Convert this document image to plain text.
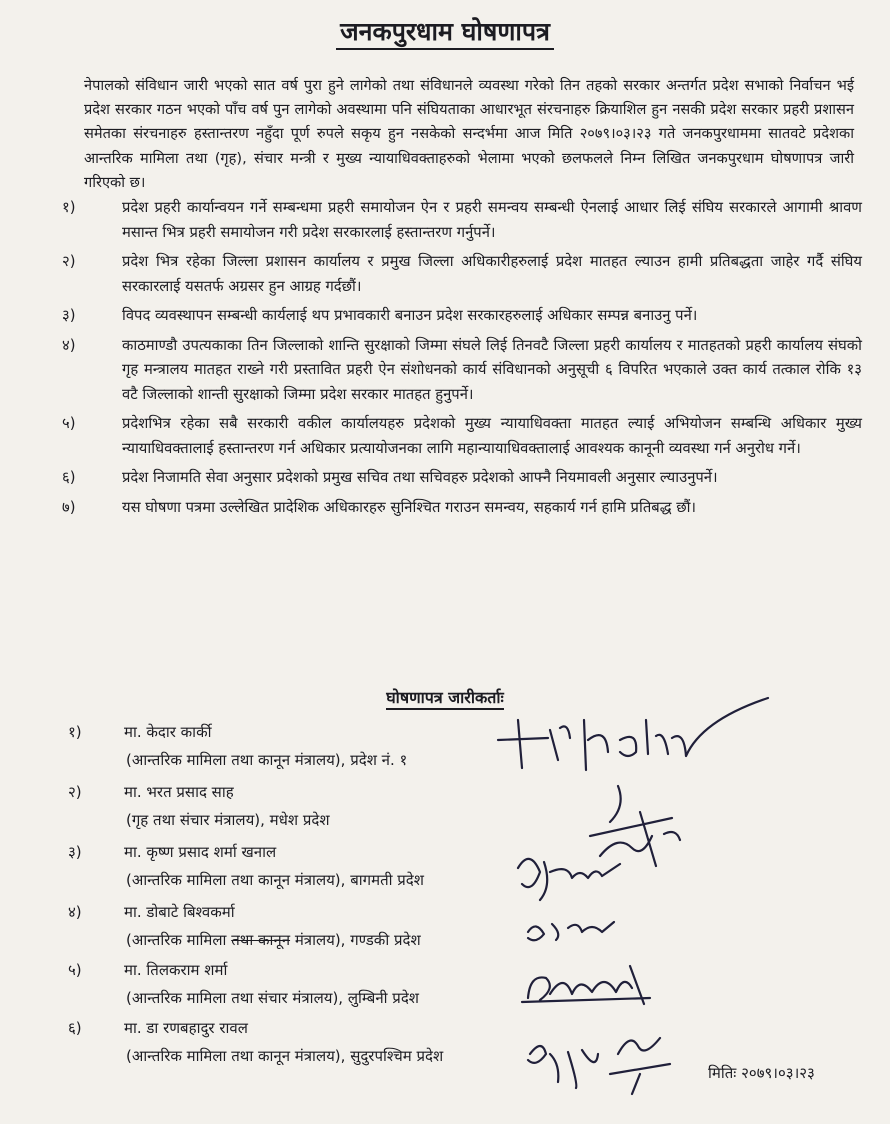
जनकपुरधाम घोषणापत्र
नेपालको संविधान जारी भएको सात वर्ष पुरा हुने लागेको तथा संविधानले व्यवस्था गरेको तिन तहको सरकार अन्तर्गत प्रदेश सभाको निर्वाचन भई प्रदेश सरकार गठन भएको पाँच वर्ष पुन लागेको अवस्थामा पनि संघियताका आधारभूत संरचनाहरु क्रियाशिल हुन नसकी प्रदेश सरकार प्रहरी प्रशासन समेतका संरचनाहरु हस्तान्तरण नहुँदा पूर्ण रुपले सकृय हुन नसकेको सन्दर्भमा आज मिति २०७९।०३।२३ गते जनकपुरधाममा सातवटे प्रदेशका आन्तरिक मामिला तथा (गृह), संचार मन्त्री र मुख्य न्यायाधिवक्ताहरुको भेलामा भएको छलफलले निम्न लिखित जनकपुरधाम घोषणापत्र जारी गरिएको छ।
१)	प्रदेश प्रहरी कार्यान्वयन गर्ने सम्बन्धमा प्रहरी समायोजन ऐन र प्रहरी समन्वय सम्बन्धी ऐनलाई आधार लिई संघिय सरकारले आगामी श्रावण मसान्त भित्र प्रहरी समायोजन गरी प्रदेश सरकारलाई हस्तान्तरण गर्नुपर्ने।
२)	प्रदेश भित्र रहेका जिल्ला प्रशासन कार्यालय र प्रमुख जिल्ला अधिकारीहरुलाई प्रदेश मातहत ल्याउन हामी प्रतिबद्धता जाहेर गर्दै संघिय सरकारलाई यसतर्फ अग्रसर हुन आग्रह गर्दछौं।
३)	विपद व्यवस्थापन सम्बन्धी कार्यलाई थप प्रभावकारी बनाउन प्रदेश सरकारहरुलाई अधिकार सम्पन्न बनाउनु पर्ने।
४)	काठमाण्डौ उपत्यकाका तिन जिल्लाको शान्ति सुरक्षाको जिम्मा संघले लिई तिनवटै जिल्ला प्रहरी कार्यालय र मातहतको प्रहरी कार्यालय संघको गृह मन्त्रालय मातहत राख्ने गरी प्रस्तावित प्रहरी ऐन संशोधनको कार्य संविधानको अनुसूची ६ विपरित भएकाले उक्त कार्य तत्काल रोकि १३ वटै जिल्लाको शान्ती सुरक्षाको जिम्मा प्रदेश सरकार मातहत हुनुपर्ने।
५)	प्रदेशभित्र रहेका सबै सरकारी वकील कार्यालयहरु प्रदेशको मुख्य न्यायाधिवक्ता मातहत ल्याई अभियोजन सम्बन्धि अधिकार मुख्य न्यायाधिवक्तालाई हस्तान्तरण गर्न अधिकार प्रत्यायोजनका लागि महान्यायाधिवक्तालाई आवश्यक कानूनी व्यवस्था गर्न अनुरोध गर्ने।
६)	प्रदेश निजामति सेवा अनुसार प्रदेशको प्रमुख सचिव तथा सचिवहरु प्रदेशको आफ्नै नियमावली अनुसार ल्याउनुपर्ने।
७)	यस घोषणा पत्रमा उल्लेखित प्रादेशिक अधिकारहरु सुनिश्चित गराउन समन्वय, सहकार्य गर्न हामि प्रतिबद्ध छौं।
घोषणापत्र जारीकर्ताः
१)	मा. केदार कार्की
(आन्तरिक मामिला तथा कानून मंत्रालय), प्रदेश नं. १
२)	मा. भरत प्रसाद साह
(गृह तथा संचार मंत्रालय), मधेश प्रदेश
३)	मा. कृष्ण प्रसाद शर्मा खनाल
(आन्तरिक मामिला तथा कानून मंत्रालय), बागमती प्रदेश
४)	मा. डोबाटे बिश्वकर्मा
(आन्तरिक मामिला तथा कानून मंत्रालय), गण्डकी प्रदेश
५)	मा. तिलकराम शर्मा
(आन्तरिक मामिला तथा संचार मंत्रालय), लुम्बिनी प्रदेश
६)	मा. डा रणबहादुर रावल
(आन्तरिक मामिला तथा कानून मंत्रालय), सुदुरपश्चिम प्रदेश
मितिः २०७९।०३।२३
